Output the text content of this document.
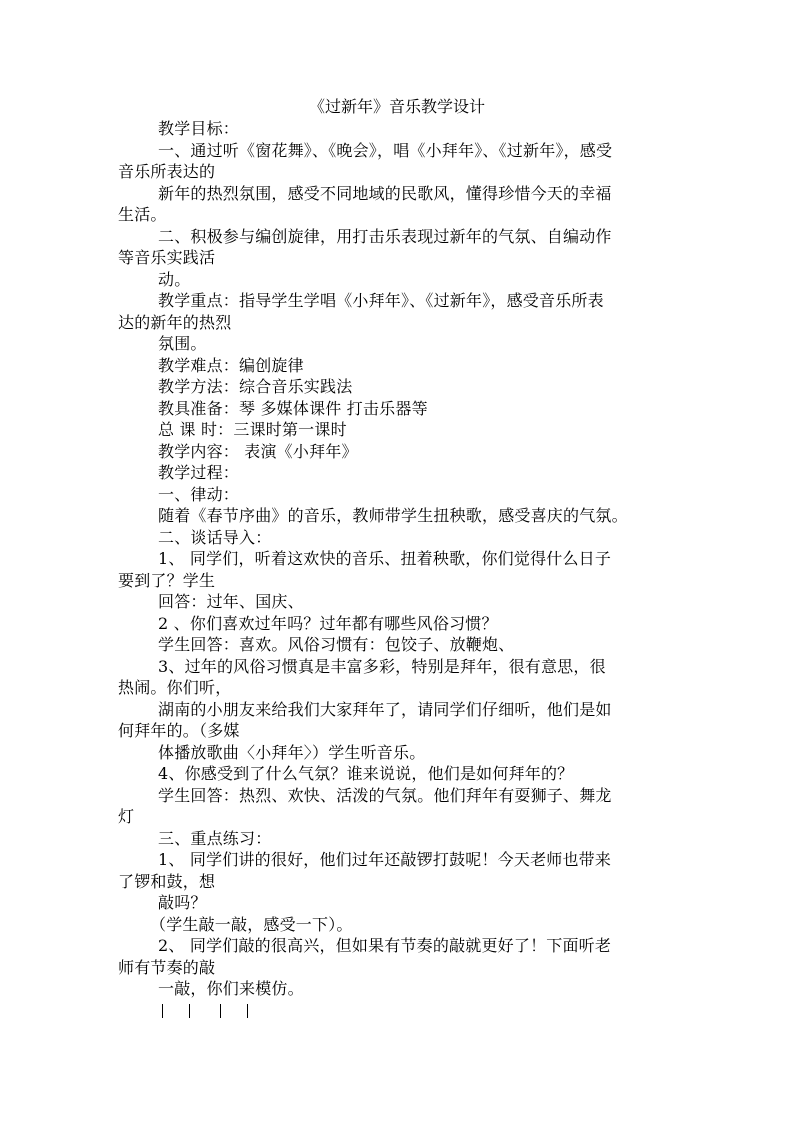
《过新年》音乐教学设计
教学目标：
一、通过听《窗花舞》、《晚会》，唱《小拜年》、《过新年》，感受
音乐所表达的
新年的热烈氛围，感受不同地域的民歌风，懂得珍惜今天的幸福
生活。
二、积极参与编创旋律，用打击乐表现过新年的气氛、自编动作
等音乐实践活
动。
教学重点：指导学生学唱《小拜年》、《过新年》，感受音乐所表
达的新年的热烈
氛围。
教学难点：编创旋律
教学方法：综合音乐实践法
教具准备：琴 多媒体课件 打击乐器等
总 课 时：三课时第一课时
教学内容： 表演《小拜年》
教学过程：
一、律动：
随着《春节序曲》的音乐，教师带学生扭秧歌，感受喜庆的气氛。
二、谈话导入：
1、 同学们，听着这欢快的音乐、扭着秧歌，你们觉得什么日子
要到了？学生
回答：过年、国庆、
2 、你们喜欢过年吗？过年都有哪些风俗习惯？
学生回答：喜欢。风俗习惯有：包饺子、放鞭炮、
3、过年的风俗习惯真是丰富多彩，特别是拜年，很有意思，很
热闹。你们听，
湖南的小朋友来给我们大家拜年了，请同学们仔细听，他们是如
何拜年的。（多媒
体播放歌曲〈小拜年〉）学生听音乐。
4、你感受到了什么气氛？谁来说说，他们是如何拜年的？
学生回答：热烈、欢快、活泼的气氛。他们拜年有耍狮子、舞龙
灯
三、重点练习：
1、 同学们讲的很好，他们过年还敲锣打鼓呢！今天老师也带来
了锣和鼓，想
敲吗？
（学生敲一敲，感受一下）。
2、 同学们敲的很高兴，但如果有节奏的敲就更好了！下面听老
师有节奏的敲
一敲，你们来模仿。
